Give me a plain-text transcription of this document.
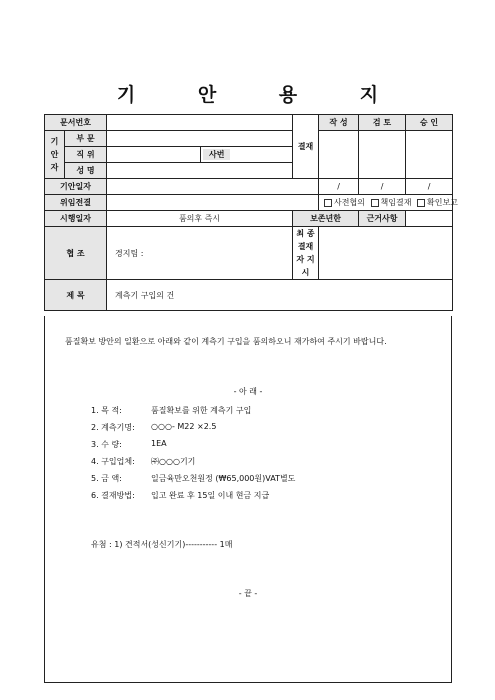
기 안 용 지
문서번호				결재	작 성	검 토	승 인
기안자	부 문						
	직 위		사번				
	성 명						
기안일자					/	/	/
위임전결					사전협의 책임결재 확인보고		
시행일자		품의후 즉시		보존년한		근거사항	
협 조		경지팀 :		최 종 결재자 지 시			
제 목		계측기 구입의 건					
품질확보 방안의 일환으로 아래와 같이 계측기 구입을 품의하오니 재가하여 주시기 바랍니다.
- 아 래 -
1. 목 적:	품질확보를 위한 계측기 구입
2. 계측기명:	○○○- M22 ×2.5
3. 수 량:	1EA
4. 구입업체:	㈜○○○기기
5. 금 액:	일금육만오천원정 (₩65,000원)VAT별도
6. 결재방법:	입고 완료 후 15일 이내 현금 지급
유첨 : 1) 견적서(성신기기)----------- 1매
- 끝 -
